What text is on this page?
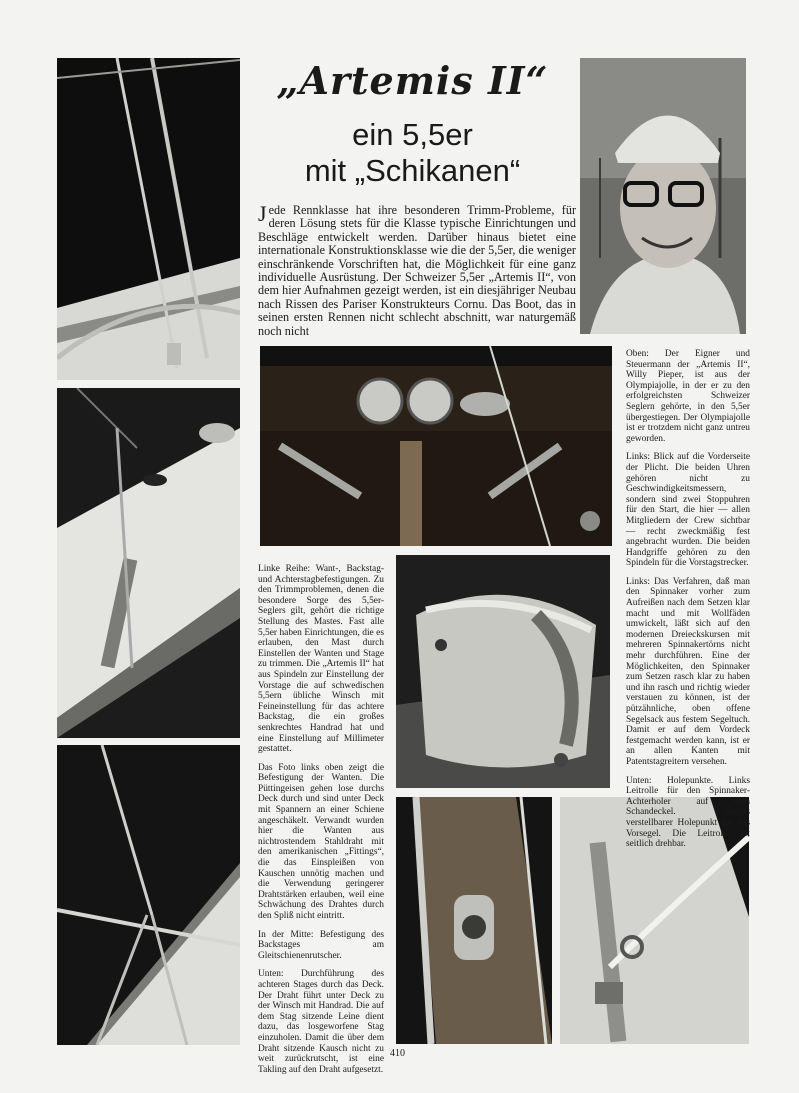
„Artemis II“
ein 5,5er
mit „Schikanen“
Jede Rennklasse hat ihre besonderen Trimm-Probleme, für deren Lösung stets für die Klasse typische Einrichtungen und Beschläge entwickelt werden. Darüber hinaus bietet eine internationale Konstruktionsklasse wie die der 5,5er, die weniger einschränkende Vorschriften hat, die Möglichkeit für eine ganz individuelle Ausrüstung. Der Schweizer 5,5er „Artemis II“, von dem hier Aufnahmen gezeigt werden, ist ein diesjähriger Neubau nach Rissen des Pariser Konstrukteurs Cornu. Das Boot, das in seinen ersten Rennen nicht schlecht abschnitt, war naturgemäß noch nicht

Oben: Der Eigner und Steuermann der „Artemis II“, Willy Pieper, ist aus der Olympiajolle, in der er zu den erfolgreichsten Schweizer Seglern gehörte, in den 5,5er übergestiegen. Der Olympiajolle ist er trotzdem nicht ganz untreu geworden.

Links: Blick auf die Vorderseite der Plicht. Die beiden Uhren gehören nicht zu Geschwindigkeitsmessern, sondern sind zwei Stoppuhren für den Start, die hier — allen Mitgliedern der Crew sichtbar — recht zweckmäßig fest angebracht wurden. Die beiden Handgriffe gehören zu den Spindeln für die Vorstagstrecker.

Links: Das Verfahren, daß man den Spinnaker vorher zum Aufreißen nach dem Setzen klar macht und mit Wollfäden umwickelt, läßt sich auf den modernen Dreieckskursen mit mehreren Spinnakertörns nicht mehr durchführen. Eine der Möglichkeiten, den Spinnaker zum Setzen rasch klar zu haben und ihn rasch und richtig wieder verstauen zu können, ist der pützähnliche, oben offene Segelsack aus festem Segeltuch. Damit er auf dem Vordeck festgemacht werden kann, ist er an allen Kanten mit Patentstagreitern versehen.

Unten: Holepunkte. Links Leitrolle für den Spinnaker-Achterholer auf dem Schandeckel. Rechts verstellbarer Holepunkt für das Vorsegel. Die Leitrolle ist seitlich drehbar.

Linke Reihe: Want-, Backstag- und Achterstagbefestigungen. Zu den Trimmproblemen, denen die besondere Sorge des 5,5er-Seglers gilt, gehört die richtige Stellung des Mastes. Fast alle 5,5er haben Einrichtungen, die es erlauben, den Mast durch Einstellen der Wanten und Stage zu trimmen. Die „Artemis II“ hat aus Spindeln zur Einstellung der Vorstage die auf schwedischen 5,5ern übliche Winsch mit Feineinstellung für das achtere Backstag, die ein großes senkrechtes Handrad hat und eine Einstellung auf Millimeter gestattet.

Das Foto links oben zeigt die Befestigung der Wanten. Die Püttingeisen gehen lose durchs Deck durch und sind unter Deck mit Spannern an einer Schiene angeschäkelt. Verwandt wurden hier die Wanten aus nichtrostendem Stahldraht mit den amerikanischen „Fittings“, die das Einspleißen von Kauschen unnötig machen und die Verwendung geringerer Drahtstärken erlauben, weil eine Schwächung des Drahtes durch den Spliß nicht eintritt.

In der Mitte: Befestigung des Backstages am Gleitschienenrutscher.

Unten: Durchführung des achteren Stages durch das Deck. Der Draht führt unter Deck zu der Winsch mit Handrad. Die auf dem Stag sitzende Leine dient dazu, das losgeworfene Stag einzuholen. Damit die über dem Draht sitzende Kausch nicht zu weit zurückrutscht, ist eine Takling auf den Draht aufgesetzt.

410
